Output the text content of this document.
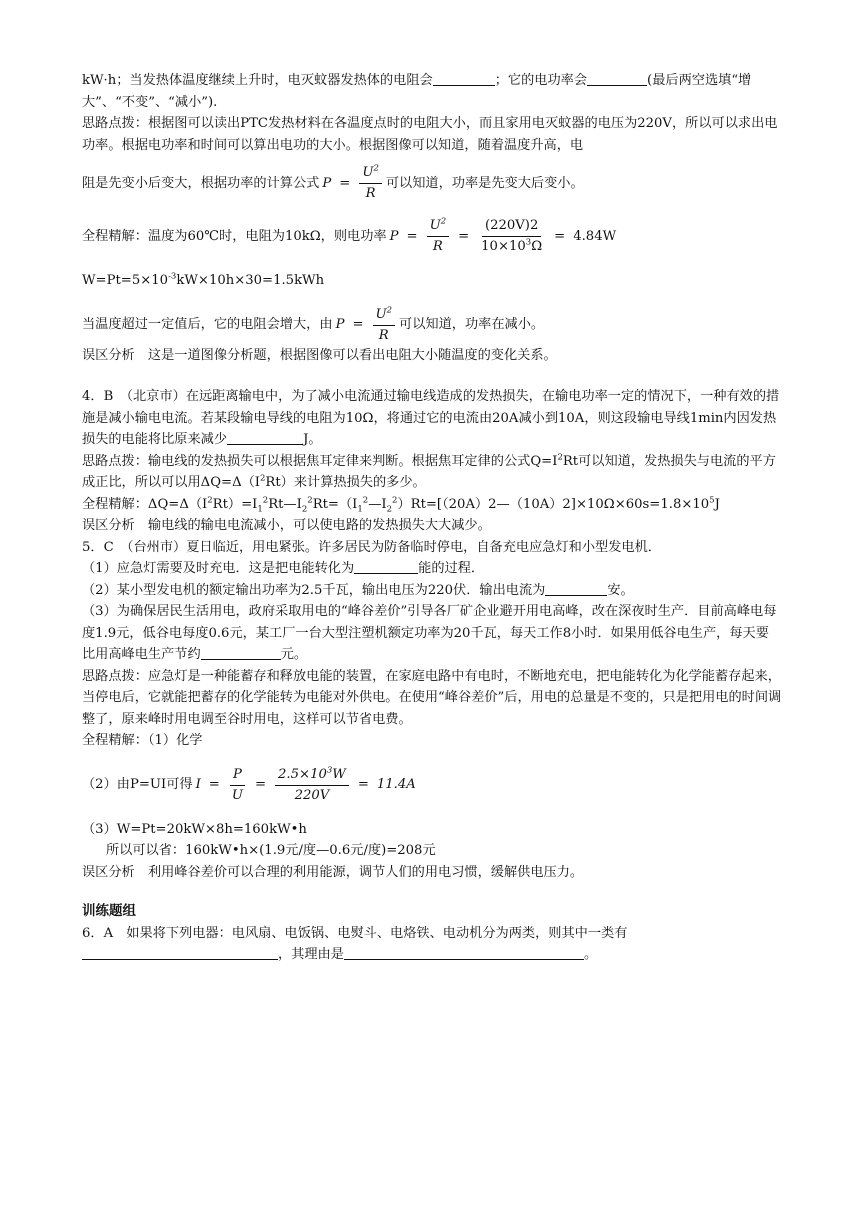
kW·h；当发热体温度继续上升时，电灭蚊器发热体的电阻会	；它的电功率会	(最后两空选填“增大”、“不变”、“减小”).

思路点拨：根据图可以读出PTC发热材料在各温度点时的电阻大小，而且家用电灭蚊器的电压为220V，所以可以求出电功率。根据电功率和时间可以算出电功的大小。根据图像可以知道，随着温度升高，电

阻是先变小后变大，根据功率的计算公式 $P = \frac{U^2}{R}$ 可以知道，功率是先变大后变小。

全程精解：温度为60℃时，电阻为10kΩ，则电功率 $P = \frac{U^2}{R} = \frac{(220V)2}{10\times 10^3\Omega} = 4.84W$

$W=Pt=5\times 10^{-3}kW\times 10h\times 30=1.5kWh$

当温度超过一定值后，它的电阻会增大，由 $P = \frac{U^2}{R}$ 可以知道，功率在减小。

误区分析　这是一道图像分析题，根据图像可以看出电阻大小随温度的变化关系。

4．B　（北京市）在远距离输电中，为了减小电流通过输电线造成的发热损失，在输电功率一定的情况下，一种有效的措施是减小输电电流。若某段输电导线的电阻为10Ω，将通过它的电流由20A减小到10A，则这段输电导线1min内因发热损失的电能将比原来减少	J。

思路点拨：输电线的发热损失可以根据焦耳定律来判断。根据焦耳定律的公式$Q=I^2Rt$可以知道，发热损失与电流的平方成正比，所以可以用$\Delta Q=\Delta(I^2Rt)$来计算热损失的多少。

全程精解：$\Delta Q=\Delta(I^2Rt)=I_1^2Rt—I_2^2Rt=(I_1^2—I_2^2)Rt=[(20A)2—(10A)2]\times 10\Omega\times 60s=1.8\times 10^5J$

误区分析　输电线的输电电流减小，可以使电路的发热损失大大减少。

5．C　（台州市）夏日临近，用电紧张。许多居民为防备临时停电，自备充电应急灯和小型发电机．

（1）应急灯需要及时充电．这是把电能转化为	能的过程．

（2）某小型发电机的额定输出功率为2.5千瓦，输出电压为220伏．输出电流为	安。

（3）为确保居民生活用电，政府采取用电的“峰谷差价”引导各厂矿企业避开用电高峰，改在深夜时生产．目前高峰电每度1.9元，低谷电每度0.6元，某工厂一台大型注塑机额定功率为20千瓦，每天工作8小时．如果用低谷电生产，每天要比用高峰电生产节约	元。

思路点拨：应急灯是一种能蓄存和释放电能的装置，在家庭电路中有电时，不断地充电，把电能转化为化学能蓄存起来，当停电后，它就能把蓄存的化学能转为电能对外供电。在使用“峰谷差价”后，用电的总量是不变的，只是把用电的时间调整了，原来峰时用电调至谷时用电，这样可以节省电费。

全程精解：（1）化学

（2）由P=UI可得 $I = \frac{P}{U} = \frac{2.5\times 10^3W}{220V} = 11.4A$

（3）W=Pt=20kW×8h=160kW•h

所以可以省：160kW•h×(1.9元/度—0.6元/度)=208元

误区分析　利用峰谷差价可以合理的利用能源，调节人们的用电习惯，缓解供电压力。

训练题组

6．A　如果将下列电器：电风扇、电饭锅、电熨斗、电烙铁、电动机分为两类，则其中一类有，其理由是	。
